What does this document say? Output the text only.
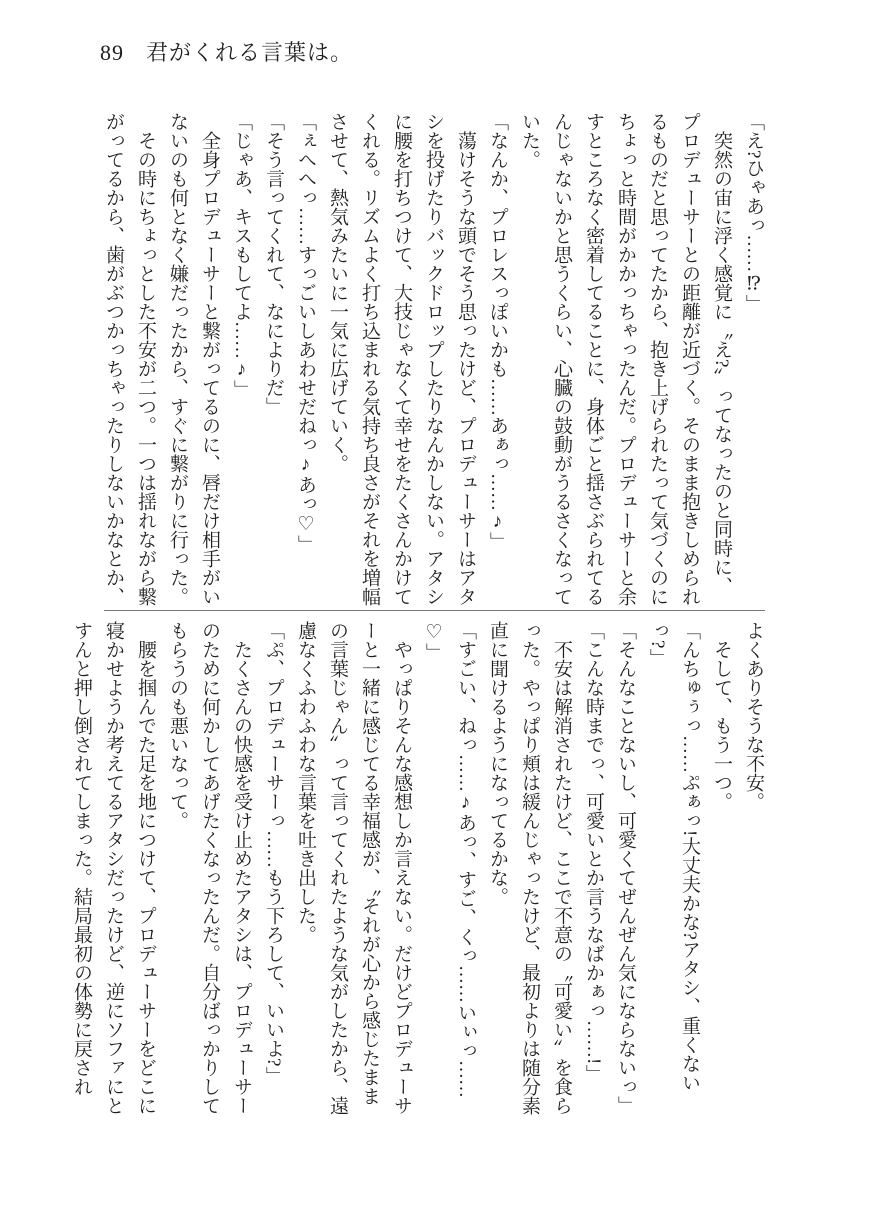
89 君がくれる言葉は。

「え?ひゃあっ……⁉」

　突然の宙に浮く感覚に〝え?〟ってなったのと同時に、プロデューサーとの距離が近づく。そのまま抱きしめられるものだと思ってたから、抱き上げられたって気づくのにちょっと時間がかかっちゃったんだ。プロデューサーと余すところなく密着してることに、身体ごと揺さぶられてるんじゃないかと思うくらい、心臓の鼓動がうるさくなっていた。

「なんか、プロレスっぽいかも……あぁっ……♪」

　蕩けそうな頭でそう思ったけど、プロデューサーはアタシを投げたりバックドロップしたりなんかしない。アタシに腰を打ちつけて、大技じゃなくて幸せをたくさんかけてくれる。リズムよく打ち込まれる気持ち良さがそれを増幅させて、熱気みたいに一気に広げていく。

「ぇへへっ……すっごいしあわせだねっ♪あっ♡」

「そう言ってくれて、なによりだ」

「じゃあ、キスもしてよ……♪」

　全身プロデューサーと繋がってるのに、唇だけ相手がいないのも何となく嫌だったから、すぐに繋がりに行った。

　その時にちょっとした不安が二つ。一つは揺れながら繋がってるから、歯がぶつかっちゃったりしないかなとか、

よくありそうな不安。

　そして、もう一つ。

「んちゅぅっ……ぷぁっ!大丈夫かな?アタシ、重くないっ?」

「そんなことないし、可愛くてぜんぜん気にならないっ」

「こんな時までっ、可愛いとか言うなばかぁっ……!」

　不安は解消されたけど、ここで不意の〝可愛い〟を食らった。やっぱり頬は緩んじゃったけど、最初よりは随分素直に聞けるようになってるかな。

「すごい、ねっ……♪あっ、すご、くっ……いぃっ……♡」

　やっぱりそんな感想しか言えない。だけどプロデューサーと一緒に感じてる幸福感が、〝それが心から感じたままの言葉じゃん〟って言ってくれたような気がしたから、遠慮なくふわふわな言葉を吐き出した。

「ぷ、プロデューサーっ……もう下ろして、いいよ?」

　たくさんの快感を受け止めたアタシは、プロデューサーのために何かしてあげたくなったんだ。自分ばっかりしてもらうのも悪いなって。

　腰を掴んでた足を地につけて、プロデューサーをどこに寝かせようか考えてるアタシだったけど、逆にソファにとすんと押し倒されてしまった。結局最初の体勢に戻され
